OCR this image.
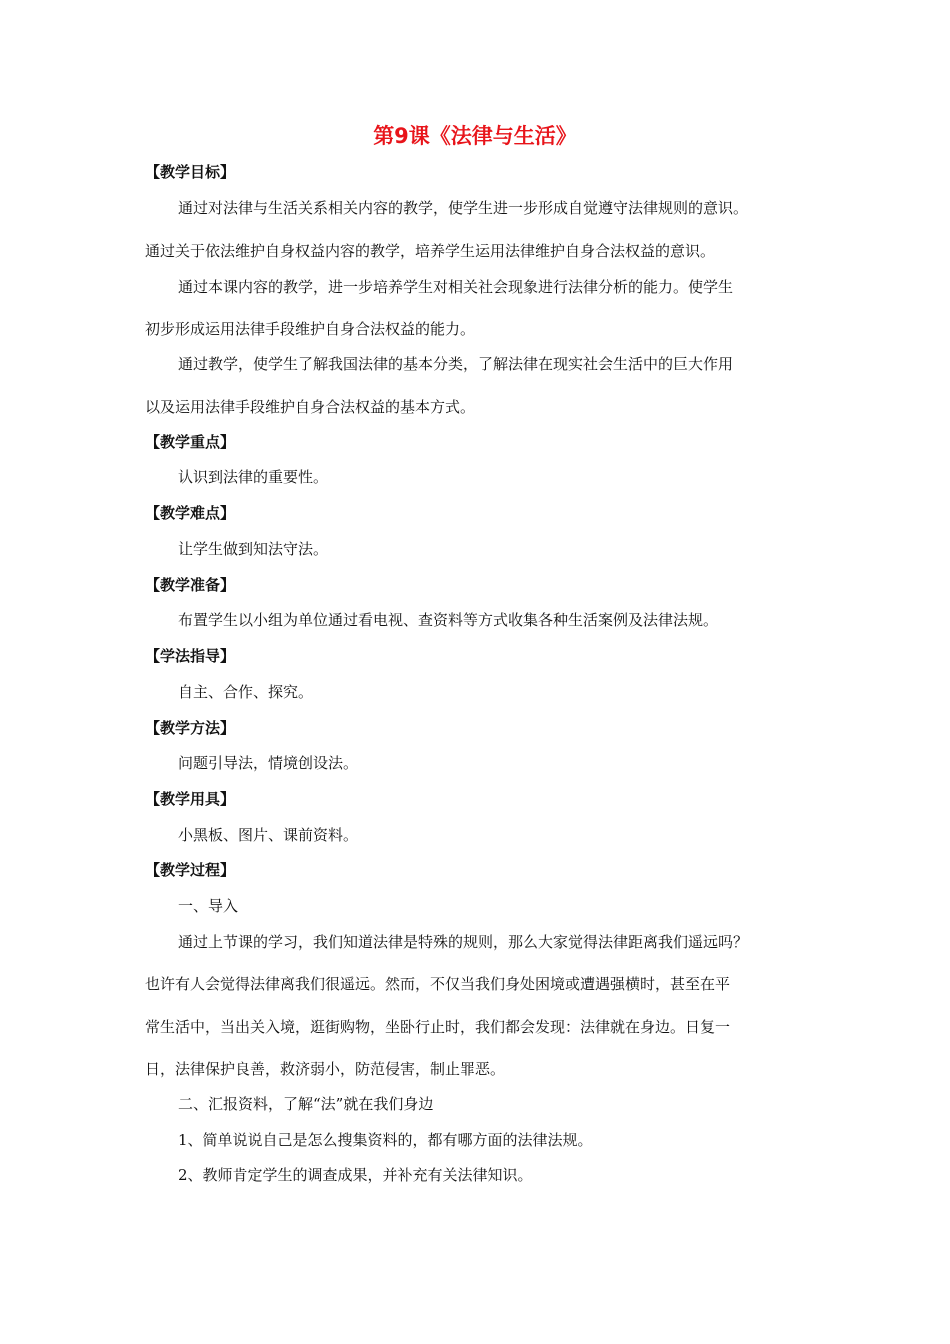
第9课《法律与生活》
【教学目标】
通过对法律与生活关系相关内容的教学，使学生进一步形成自觉遵守法律规则的意识。
通过关于依法维护自身权益内容的教学，培养学生运用法律维护自身合法权益的意识。
通过本课内容的教学，进一步培养学生对相关社会现象进行法律分析的能力。使学生
初步形成运用法律手段维护自身合法权益的能力。
通过教学，使学生了解我国法律的基本分类，了解法律在现实社会生活中的巨大作用
以及运用法律手段维护自身合法权益的基本方式。
【教学重点】
认识到法律的重要性。
【教学难点】
让学生做到知法守法。
【教学准备】
布置学生以小组为单位通过看电视、查资料等方式收集各种生活案例及法律法规。
【学法指导】
自主、合作、探究。
【教学方法】
问题引导法，情境创设法。
【教学用具】
小黑板、图片、课前资料。
【教学过程】
一、导入
通过上节课的学习，我们知道法律是特殊的规则，那么大家觉得法律距离我们遥远吗？
也许有人会觉得法律离我们很遥远。然而，不仅当我们身处困境或遭遇强横时，甚至在平
常生活中，当出关入境，逛街购物，坐卧行止时，我们都会发现：法律就在身边。日复一
日，法律保护良善，救济弱小，防范侵害，制止罪恶。
二、汇报资料，了解“法”就在我们身边
1、简单说说自己是怎么搜集资料的，都有哪方面的法律法规。
2、教师肯定学生的调查成果，并补充有关法律知识。
